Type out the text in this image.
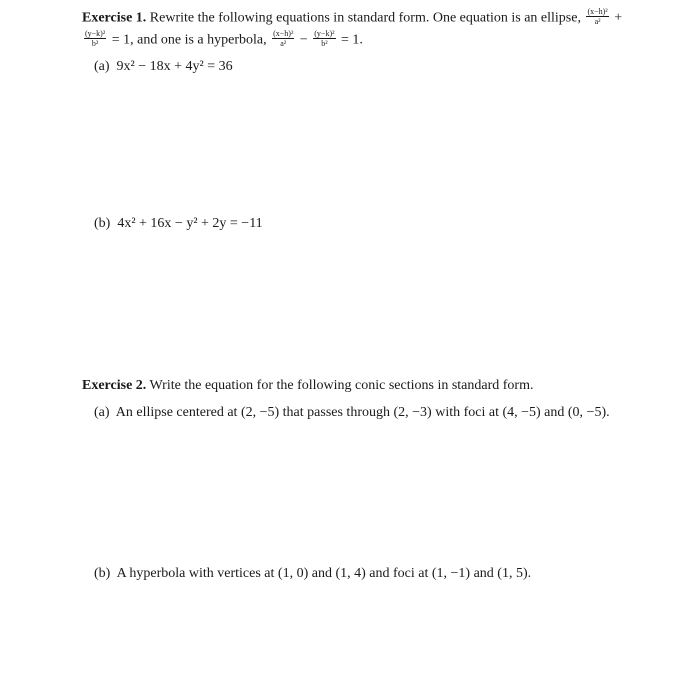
Exercise 1. Rewrite the following equations in standard form. One equation is an ellipse, $\frac{\text{(x−h)²}}{\text{a²}}$ +
$\frac{\text{(y−k)²}}{\text{b²}} = 1$, and one is a hyperbola, $\frac{\text{(x−h)²}}{\text{a²}} - \frac{\text{(y−k)²}}{\text{b²}} = 1$.
(a) 9x² − 18x + 4y² = 36
(b) 4x² + 16x − y² + 2y = −11
Exercise 2. Write the equation for the following conic sections in standard form.
(a) An ellipse centered at (2, −5) that passes through (2, −3) with foci at (4, −5) and (0, −5).
(b) A hyperbola with vertices at (1, 0) and (1, 4) and foci at (1, −1) and (1, 5).
